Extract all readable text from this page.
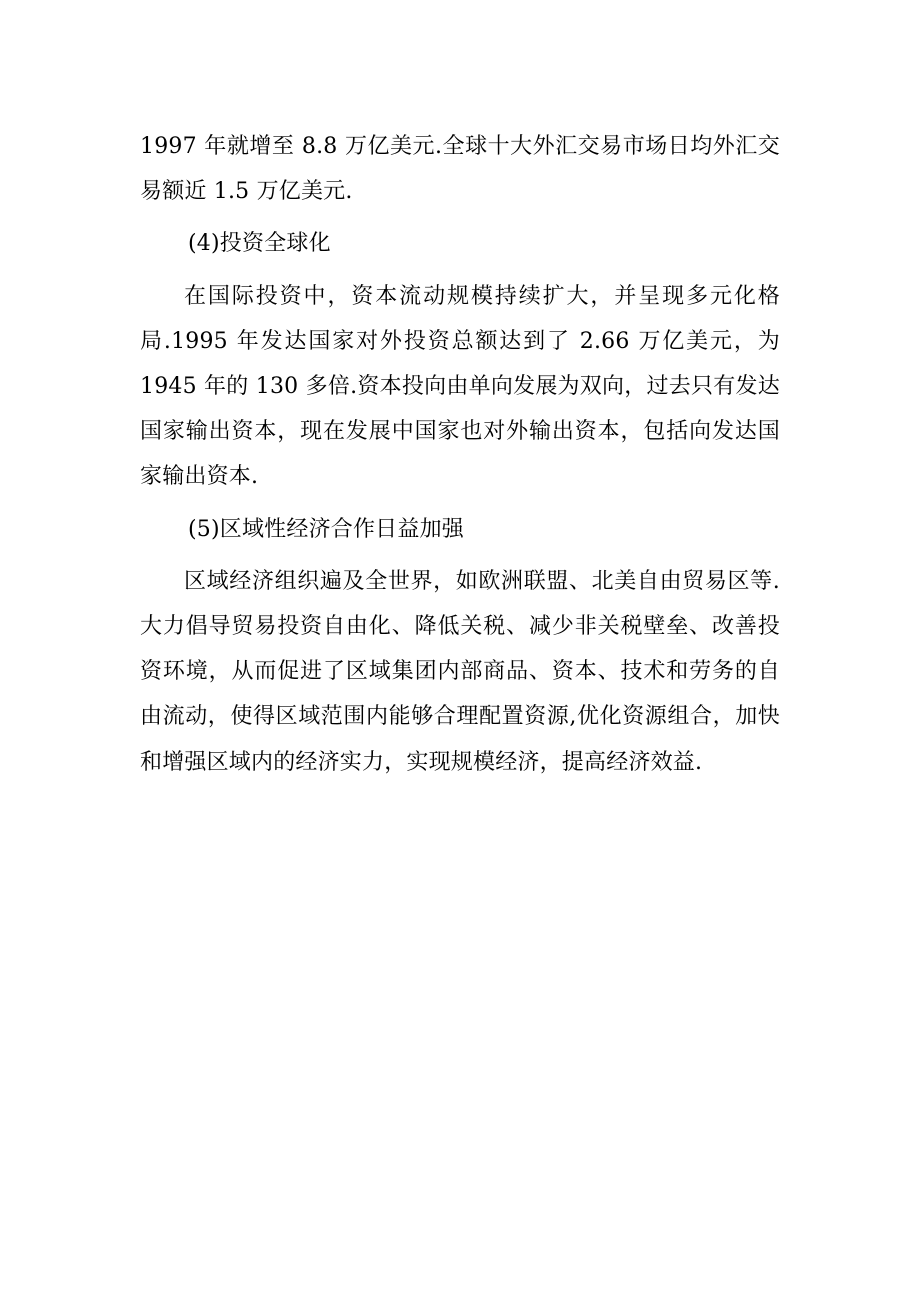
1997 年就增至 8.8 万亿美元.全球十大外汇交易市场日均外汇交易额近 1.5 万亿美元.

(4)投资全球化

在国际投资中，资本流动规模持续扩大，并呈现多元化格局.1995 年发达国家对外投资总额达到了 2.66 万亿美元，为 1945 年的 130 多倍.资本投向由单向发展为双向，过去只有发达国家输出资本，现在发展中国家也对外输出资本，包括向发达国家输出资本.

(5)区域性经济合作日益加强

区域经济组织遍及全世界，如欧洲联盟、北美自由贸易区等.大力倡导贸易投资自由化、降低关税、减少非关税壁垒、改善投资环境，从而促进了区域集团内部商品、资本、技术和劳务的自由流动，使得区域范围内能够合理配置资源,优化资源组合，加快和增强区域内的经济实力，实现规模经济，提高经济效益.
